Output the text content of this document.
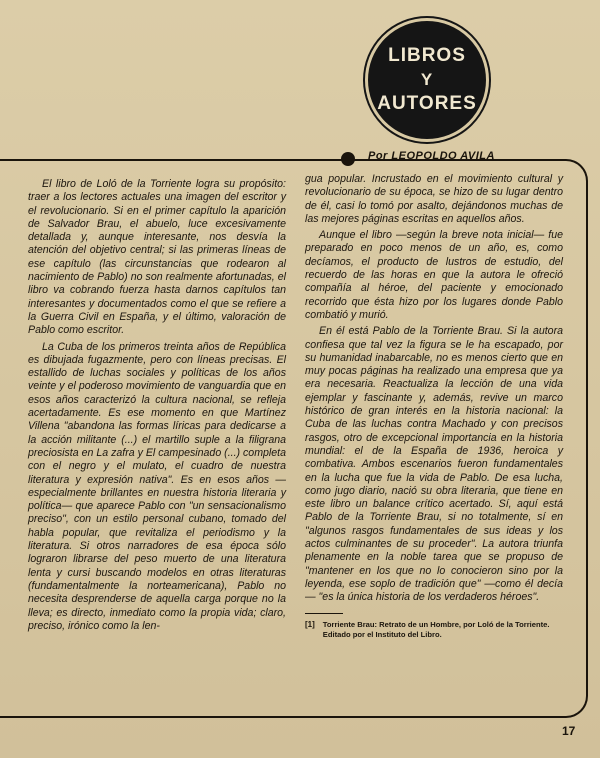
LIBROS
Y
AUTORES
Por LEOPOLDO AVILA

El libro de Loló de la Torriente logra su propósito: traer a los lectores actuales una imagen del escritor y el revolucionario. Si en el primer capítulo la aparición de Salvador Brau, el abuelo, luce excesivamente detallada y, aunque interesante, nos desvía la atención del objetivo central; si las primeras líneas de ese capítulo (las circunstancias que rodearon al nacimiento de Pablo) no son realmente afortunadas, el libro va cobrando fuerza hasta darnos capítulos tan interesantes y documentados como el que se refiere a la Guerra Civil en España, y el último, valoración de Pablo como escritor.

La Cuba de los primeros treinta años de República es dibujada fugazmente, pero con líneas precisas. El estallido de luchas sociales y políticas de los años veinte y el poderoso movimiento de vanguardia que en esos años caracterizó la cultura nacional, se refleja acertadamente. Es ese momento en que Martínez Villena "abandona las formas líricas para dedicarse a la acción militante (...) el martillo suple a la filigrana preciosista en La zafra y El campesinado (...) completa con el negro y el mulato, el cuadro de nuestra literatura y expresión nativa". Es en esos años —especialmente brillantes en nuestra historia literaria y política— que aparece Pablo con "un sensacionalismo preciso", con un estilo personal cubano, tomado del habla popular, que revitaliza el periodismo y la literatura. Si otros narradores de esa época sólo lograron librarse del peso muerto de una literatura lenta y cursi buscando modelos en otras literaturas (fundamentalmente la norteamericana), Pablo no necesita desprenderse de aquella carga porque no la lleva; es directo, inmediato como la propia vida; claro, preciso, irónico como la len-

gua popular. Incrustado en el movimiento cultural y revolucionario de su época, se hizo de su lugar dentro de él, casi lo tomó por asalto, dejándonos muchas de las mejores páginas escritas en aquellos años.

Aunque el libro —según la breve nota inicial— fue preparado en poco menos de un año, es, como decíamos, el producto de lustros de estudio, del recuerdo de las horas en que la autora le ofreció compañía al héroe, del paciente y emocionado recorrido que ésta hizo por los lugares donde Pablo combatió y murió.

En él está Pablo de la Torriente Brau. Si la autora confiesa que tal vez la figura se le ha escapado, por su humanidad inabarcable, no es menos cierto que en muy pocas páginas ha realizado una empresa que ya era necesaria. Reactualiza la lección de una vida ejemplar y fascinante y, además, revive un marco histórico de gran interés en la historia nacional: la Cuba de las luchas contra Machado y con precisos rasgos, otro de excepcional importancia en la historia mundial: el de la España de 1936, heroica y combativa. Ambos escenarios fueron fundamentales en la lucha que fue la vida de Pablo. De esa lucha, como jugo diario, nació su obra literaria, que tiene en este libro un balance crítico acertado. Sí, aquí está Pablo de la Torriente Brau, si no totalmente, sí en "algunos rasgos fundamentales de sus ideas y los actos culminantes de su proceder". La autora triunfa plenamente en la noble tarea que se propuso de "mantener en los que no lo conocieron sino por la leyenda, ese soplo de tradición que" —como él decía— "es la única historia de los verdaderos héroes".

[1] Torriente Brau: Retrato de un Hombre, por Loló de la Torriente. Editado por el Instituto del Libro.
17
